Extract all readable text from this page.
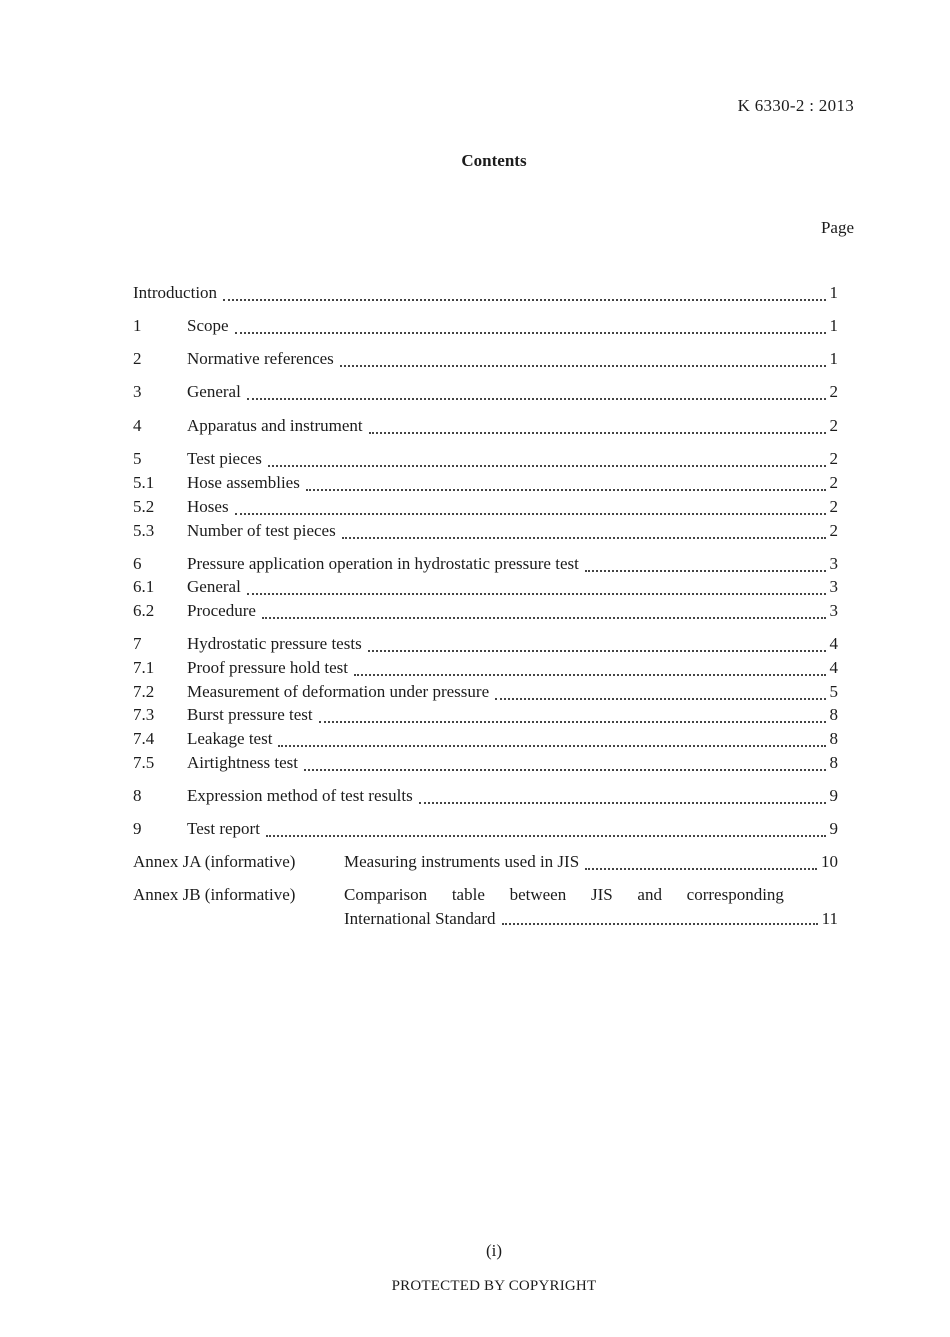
K 6330-2 : 2013
Contents
Page
Introduction	1
1	Scope	1
2	Normative references	1
3	General	2
4	Apparatus and instrument	2
5	Test pieces	2
5.1	Hose assemblies	2
5.2	Hoses	2
5.3	Number of test pieces	2
6	Pressure application operation in hydrostatic pressure test	3
6.1	General	3
6.2	Procedure	3
7	Hydrostatic pressure tests	4
7.1	Proof pressure hold test	4
7.2	Measurement of deformation under pressure	5
7.3	Burst pressure test	8
7.4	Leakage test	8
7.5	Airtightness test	8
8	Expression method of test results	9
9	Test report	9
Annex JA (informative)	Measuring instruments used in JIS	10
Annex JB (informative)	Comparison table between JIS and corresponding
International Standard	11
(i)
PROTECTED BY COPYRIGHT
